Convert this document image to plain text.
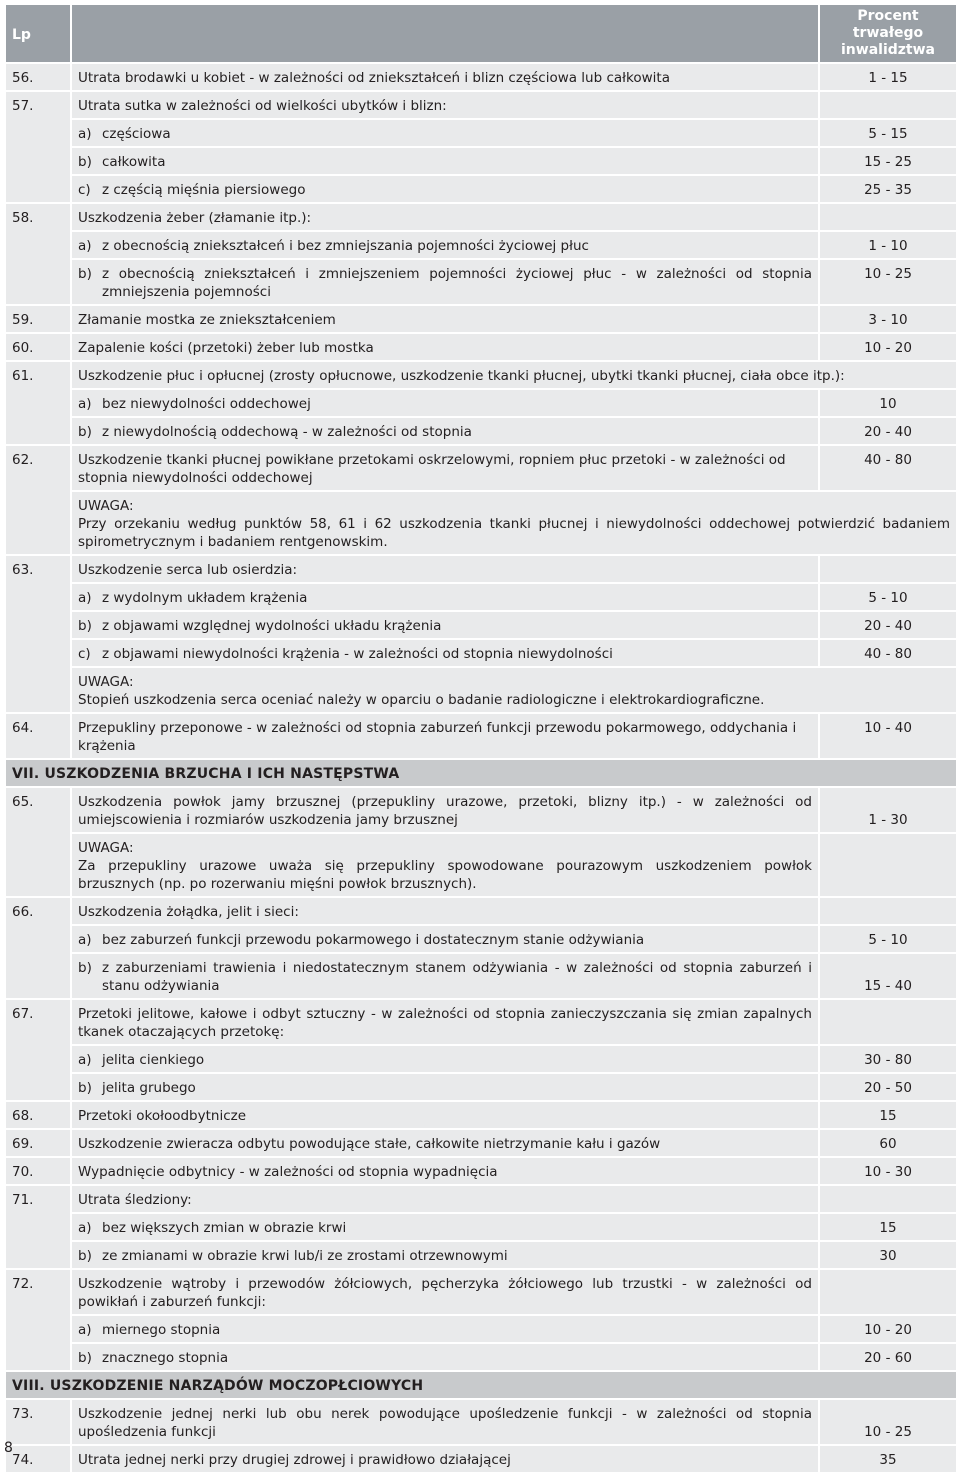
Lp		Procent
trwałego
inwalidztwa

56.	Utrata brodawki u kobiet - w zależności od zniekształceń i blizn częściowa lub całkowita	1 - 15
57.	Utrata sutka w zależności od wielkości ubytków i blizn:	

	a) częściowa	5 - 15

	b) całkowita	15 - 25

	c) z częścią mięśnia piersiowego	25 - 35
58.	Uszkodzenia żeber (złamanie itp.):	

	a) z obecnością zniekształceń i bez zmniejszania pojemności życiowej płuc	1 - 10

	b) z obecnością zniekształceń i zmniejszeniem pojemności życiowej płuc - w zależności od stopnia zmniejszenia pojemności	10 - 25
59.	Złamanie mostka ze zniekształceniem	3 - 10
60.	Zapalenie kości (przetoki) żeber lub mostka	10 - 20
61.	Uszkodzenie płuc i opłucnej (zrosty opłucnowe, uszkodzenie tkanki płucnej, ubytki tkanki płucnej, ciała obce itp.):	

	a) bez niewydolności oddechowej	10

	b) z niewydolnością oddechową - w zależności od stopnia	20 - 40
62.	Uszkodzenie tkanki płucnej powikłane przetokami oskrzelowymi, ropniem płuc przetoki - w zależności od stopnia niewydolności oddechowej	40 - 80

	UWAGA:
Przy orzekaniu według punktów 58, 61 i 62 uszkodzenia tkanki płucnej i niewydolności oddechowej potwierdzić badaniem spirometrycznym i badaniem rentgenowskim.	

63.	Uszkodzenie serca lub osierdzia:	

	a) z wydolnym układem krążenia	5 - 10

	b) z objawami względnej wydolności układu krążenia	20 - 40

	c) z objawami niewydolności krążenia - w zależności od stopnia niewydolności	40 - 80

	UWAGA:
Stopień uszkodzenia serca oceniać należy w oparciu o badanie radiologiczne i elektrokardiograficzne.	

64.	Przepukliny przeponowe - w zależności od stopnia zaburzeń funkcji przewodu pokarmowego, oddychania i krążenia	10 - 40
VII. USZKODZENIA BRZUCHA I ICH NASTĘPSTWA		
65.	Uszkodzenia powłok jamy brzusznej (przepukliny urazowe, przetoki, blizny itp.) - w zależności od umiejscowienia i rozmiarów uszkodzenia jamy brzusznej	1 - 30

	UWAGA:
Za przepukliny urazowe uważa się przepukliny spowodowane pourazowym uszkodzeniem powłok brzusznych (np. po rozerwaniu mięśni powłok brzusznych).	

66.	Uszkodzenia żołądka, jelit i sieci:	

	a) bez zaburzeń funkcji przewodu pokarmowego i dostatecznym stanie odżywiania	5 - 10

	b) z zaburzeniami trawienia i niedostatecznym stanem odżywiania - w zależności od stopnia zaburzeń i stanu odżywiania	15 - 40
67.	Przetoki jelitowe, kałowe i odbyt sztuczny - w zależności od stopnia zanieczyszczania się zmian zapalnych tkanek otaczających przetokę:	

	a) jelita cienkiego	30 - 80

	b) jelita grubego	20 - 50
68.	Przetoki okołoodbytnicze	15
69.	Uszkodzenie zwieracza odbytu powodujące stałe, całkowite nietrzymanie kału i gazów	60
70.	Wypadnięcie odbytnicy - w zależności od stopnia wypadnięcia	10 - 30
71.	Utrata śledziony:	

	a) bez większych zmian w obrazie krwi	15

	b) ze zmianami w obrazie krwi lub/i ze zrostami otrzewnowymi	30
72.	Uszkodzenie wątroby i przewodów żółciowych, pęcherzyka żółciowego lub trzustki - w zależności od powikłań i zaburzeń funkcji:	

	a) miernego stopnia	10 - 20

	b) znacznego stopnia	20 - 60
VIII. USZKODZENIE NARZĄDÓW MOCZOPŁCIOWYCH		
73.	Uszkodzenie jednej nerki lub obu nerek powodujące upośledzenie funkcji - w zależności od stopnia upośledzenia funkcji	10 - 25
74.	Utrata jednej nerki przy drugiej zdrowej i prawidłowo działającej	35
8
